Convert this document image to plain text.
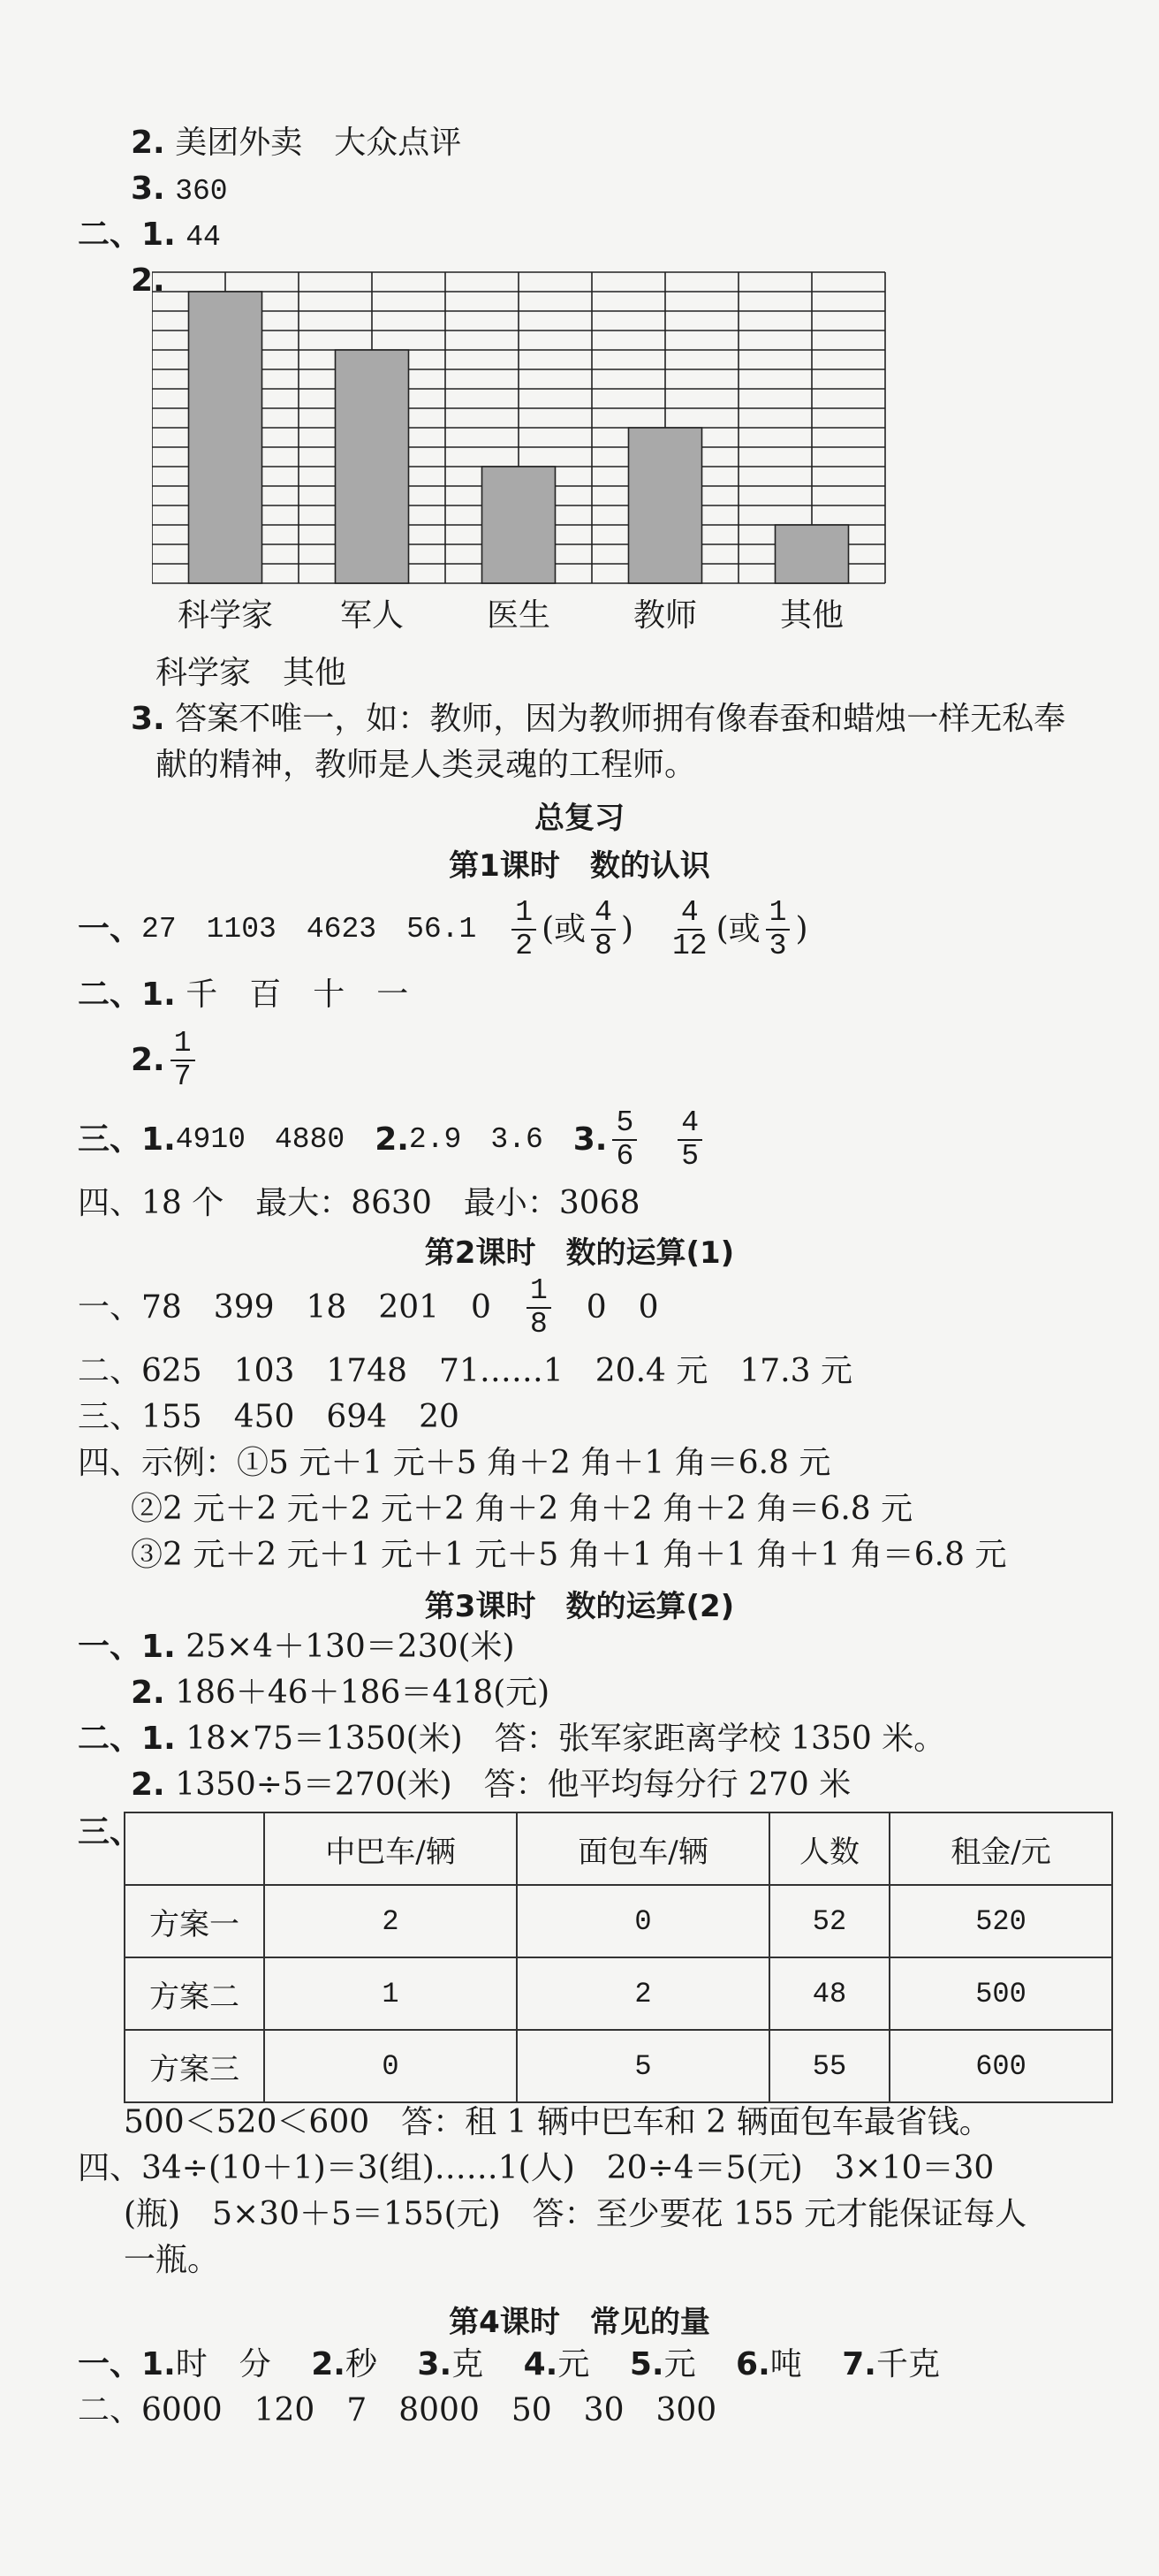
2. 美团外卖　大众点评
3. 360
二、1. 44
2.
科学家 军人	医生	教师	其他
科学家　其他
3. 答案不唯一，如：教师，因为教师拥有像春蚕和蜡烛一样无私奉
献的精神，教师是人类灵魂的工程师。
总复习
第1课时　数的认识
一、 27 1103 4623 $56.1 \frac{1}{2}$ (或 $\frac{4}{8}$ ) $\frac{4}{12}$ (或 $\frac{1}{3}$ )
二、1. 千　百　十　一
2. $\frac{1}{7}$
三、 1. 4910　4880 2. 2.9　3.6 3. $\frac{5}{6} \frac{4}{5}$
四、18 个　最大：8630　最小：3068
第2课时　数的运算(1)
一、78　399　18　201　$0 \frac{1}{8} 0$　0
二、625　103　1748　71……1　20.4 元　17.3 元
三、155　450　694　20
四、示例：①5 元＋1 元＋5 角＋2 角＋1 角＝6.8 元
②2 元＋2 元＋2 元＋2 角＋2 角＋2 角＋2 角＝6.8 元
③2 元＋2 元＋1 元＋1 元＋5 角＋1 角＋1 角＋1 角＝6.8 元
第3课时　数的运算(2)
一、1. 25×4＋130＝230(米)
2. 186＋46＋186＝418(元)
二、1. 18×75＝1350(米)　答：张军家距离学校 1350 米。
2. 1350÷5＝270(米)　答：他平均每分行 270 米
三、
	中巴车/辆	面包车/辆	人数	租金/元
方案一	2	0	52	520
方案二	1	2	48	500
方案三	0	5	55	600
500＜520＜600　答：租 1 辆中巴车和 2 辆面包车最省钱。
四、34÷(10＋1)＝3(组)……1(人)　20÷4＝5(元)　3×10＝30
(瓶)　5×30＋5＝155(元)　答：至少要花 155 元才能保证每人
一瓶。
第4课时　常见的量
一、1.时　分 2.秒 3.克 4.元 5.元 6.吨 7.千克
二、6000　120　7　8000　50　30　300
